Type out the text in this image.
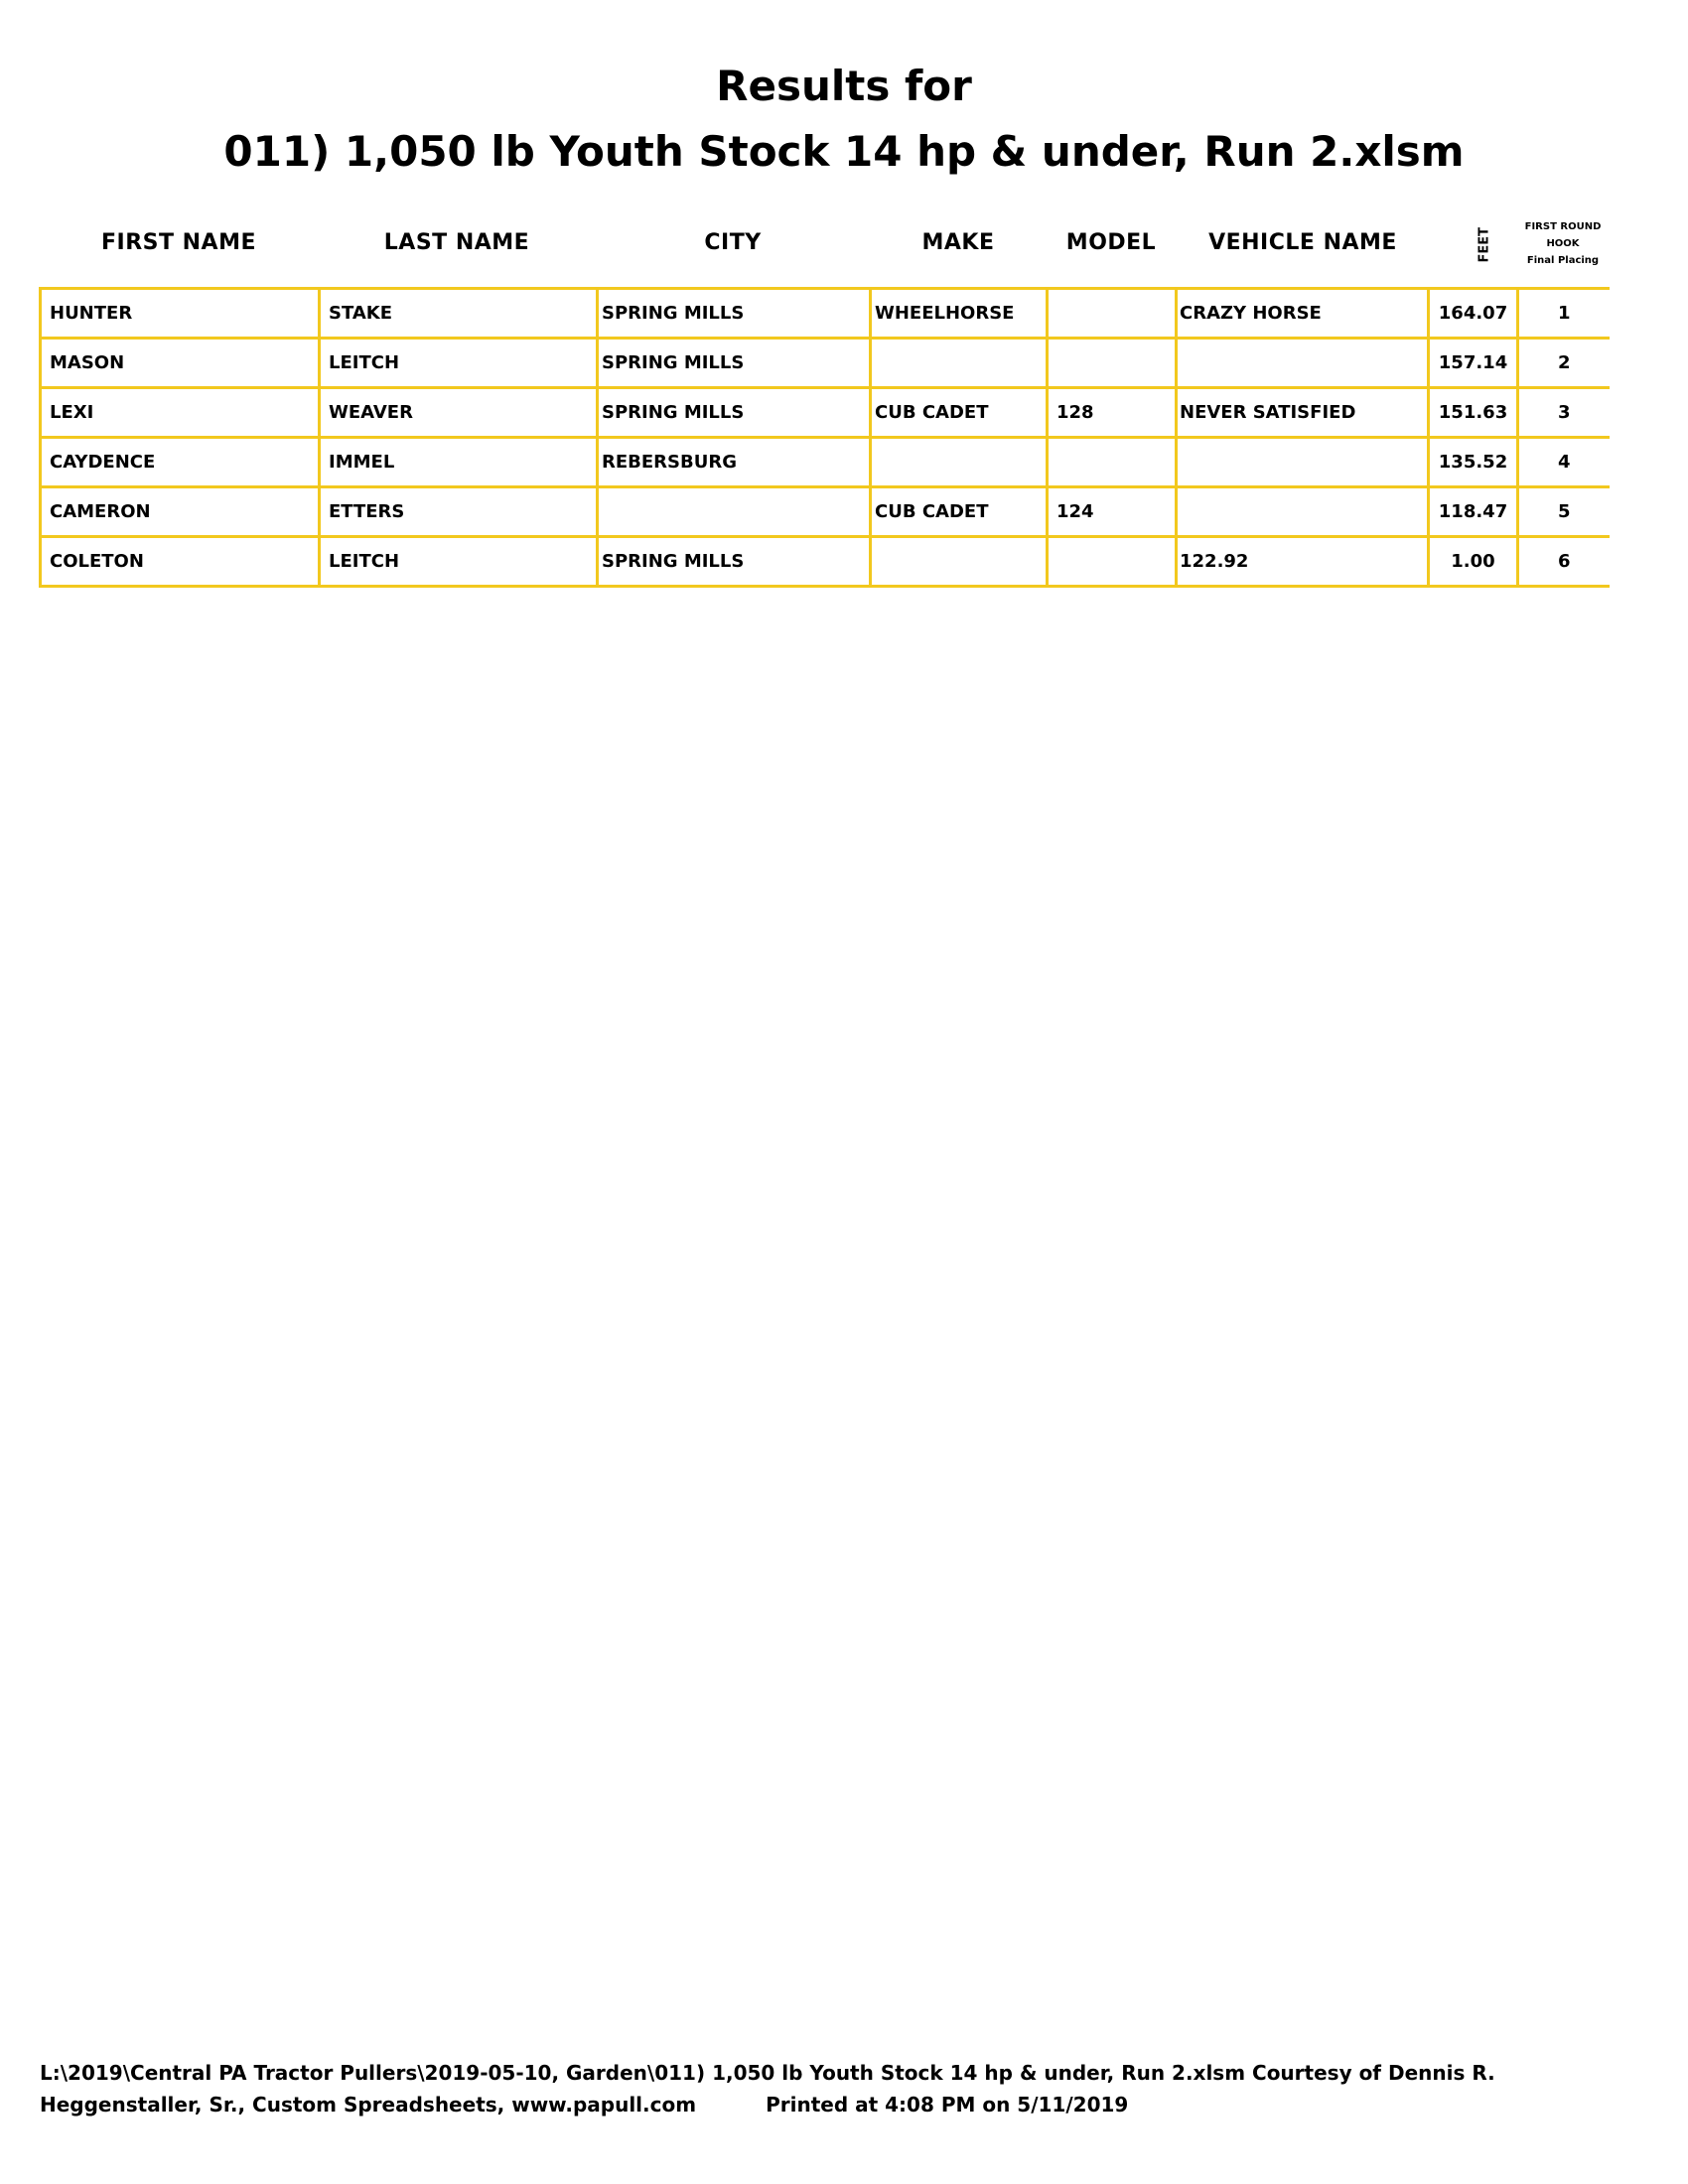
Results for
011) 1,050 lb Youth Stock 14 hp & under, Run 2.xlsm
FIRST NAME	LAST NAME	CITY	MAKE	MODEL	VEHICLE NAME	FEET
FIRST ROUND
HOOK
Final Placing
HUNTER	STAKE	SPRING MILLS	WHEELHORSE		CRAZY HORSE	164.07	1
MASON	LEITCH	SPRING MILLS				157.14	2
LEXI	WEAVER	SPRING MILLS	CUB CADET	128	NEVER SATISFIED	151.63	3
CAYDENCE	IMMEL	REBERSBURG				135.52	4
CAMERON	ETTERS		CUB CADET	124		118.47	5
COLETON	LEITCH	SPRING MILLS			122.92	1.00	6
L:\2019\Central PA Tractor Pullers\2019-05-10, Garden\011) 1,050 lb Youth Stock 14 hp & under, Run 2.xlsm Courtesy of Dennis R.
Heggenstaller, Sr., Custom Spreadsheets, www.papull.com	Printed at 4:08 PM on 5/11/2019
